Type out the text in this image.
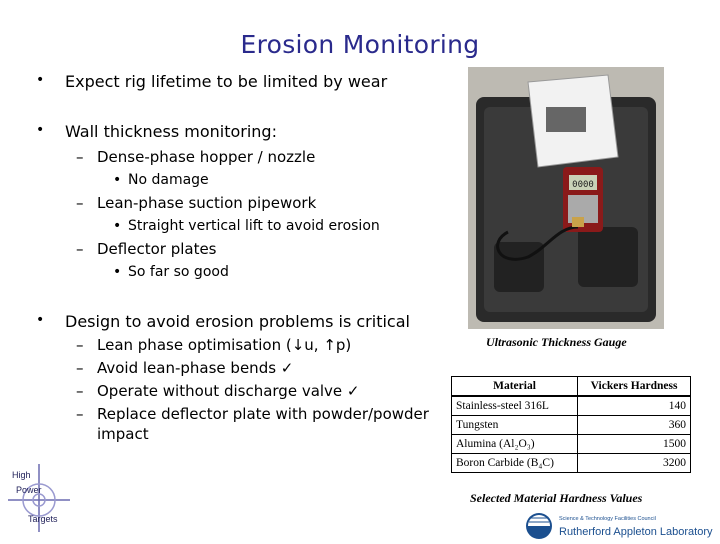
Erosion Monitoring
• Expect rig lifetime to be limited by wear
• Wall thickness monitoring:
– Dense-phase hopper / nozzle
• No damage
– Lean-phase suction pipework
• Straight vertical lift to avoid erosion
– Deflector plates
• So far so good
• Design to avoid erosion problems is critical
– Lean phase optimisation (↓u, ↑p)
– Avoid lean-phase bends ✓
– Operate without discharge valve ✓
– Replace deflector plate with powder/powder impact
0000
Ultrasonic Thickness Gauge
Material	Vickers Hardness
Stainless-steel 316L	140
Tungsten	360
Alumina (Al₂O₃)	1500
Boron Carbide (B₄C)	3200
Selected Material Hardness Values
High
Power
Targets	Science & Technology Facilities Council
Rutherford Appleton Laboratory
